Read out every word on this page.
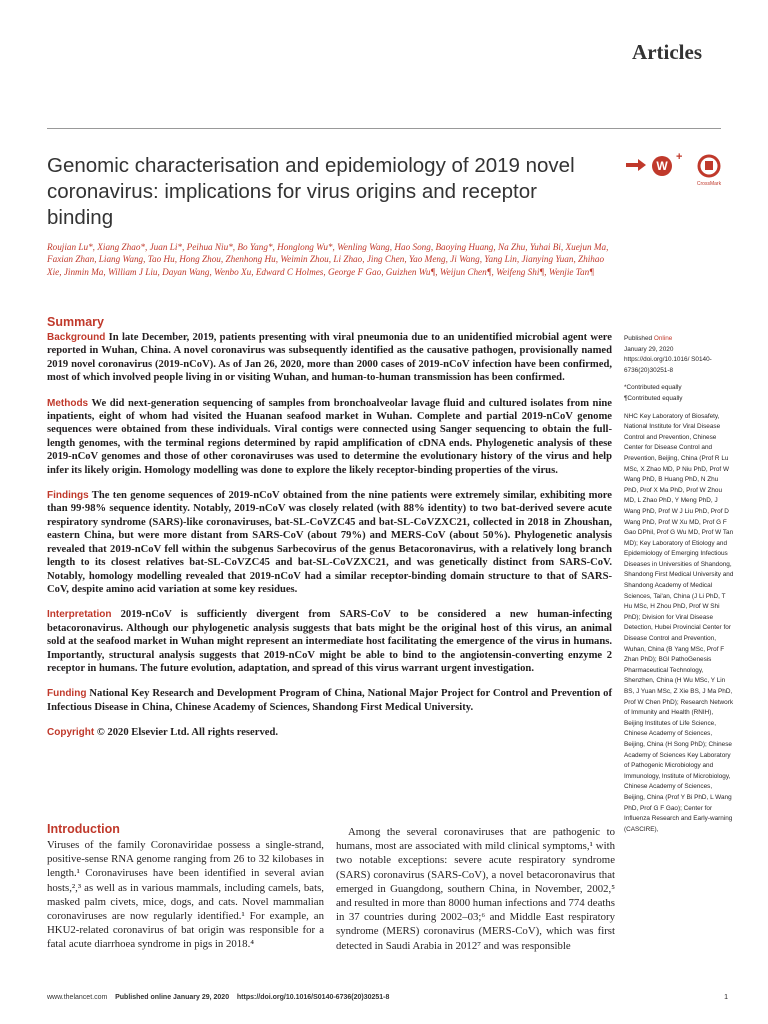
Articles
Genomic characterisation and epidemiology of 2019 novel coronavirus: implications for virus origins and receptor binding
W
+
CrossMark
Roujian Lu*, Xiang Zhao*, Juan Li*, Peihua Niu*, Bo Yang*, Honglong Wu*, Wenling Wang, Hao Song, Baoying Huang, Na Zhu, Yuhai Bi, Xuejun Ma, Faxian Zhan, Liang Wang, Tao Hu, Hong Zhou, Zhenhong Hu, Weimin Zhou, Li Zhao, Jing Chen, Yao Meng, Ji Wang, Yang Lin, Jianying Yuan, Zhihao Xie, Jinmin Ma, William J Liu, Dayan Wang, Wenbo Xu, Edward C Holmes, George F Gao, Guizhen Wu¶, Weijun Chen¶, Weifeng Shi¶, Wenjie Tan¶
Summary

Background In late December, 2019, patients presenting with viral pneumonia due to an unidentified microbial agent were reported in Wuhan, China. A novel coronavirus was subsequently identified as the causative pathogen, provisionally named 2019 novel coronavirus (2019-nCoV). As of Jan 26, 2020, more than 2000 cases of 2019-nCoV infection have been confirmed, most of which involved people living in or visiting Wuhan, and human-to-human transmission has been confirmed.

Methods We did next-generation sequencing of samples from bronchoalveolar lavage fluid and cultured isolates from nine inpatients, eight of whom had visited the Huanan seafood market in Wuhan. Complete and partial 2019-nCoV genome sequences were obtained from these individuals. Viral contigs were connected using Sanger sequencing to obtain the full-length genomes, with the terminal regions determined by rapid amplification of cDNA ends. Phylogenetic analysis of these 2019-nCoV genomes and those of other coronaviruses was used to determine the evolutionary history of the virus and help infer its likely origin. Homology modelling was done to explore the likely receptor-binding properties of the virus.

Findings The ten genome sequences of 2019-nCoV obtained from the nine patients were extremely similar, exhibiting more than 99·98% sequence identity. Notably, 2019-nCoV was closely related (with 88% identity) to two bat-derived severe acute respiratory syndrome (SARS)-like coronaviruses, bat-SL-CoVZC45 and bat-SL-CoVZXC21, collected in 2018 in Zhoushan, eastern China, but were more distant from SARS-CoV (about 79%) and MERS-CoV (about 50%). Phylogenetic analysis revealed that 2019-nCoV fell within the subgenus Sarbecovirus of the genus Betacoronavirus, with a relatively long branch length to its closest relatives bat-SL-CoVZC45 and bat-SL-CoVZXC21, and was genetically distinct from SARS-CoV. Notably, homology modelling revealed that 2019-nCoV had a similar receptor-binding domain structure to that of SARS-CoV, despite amino acid variation at some key residues.

Interpretation 2019-nCoV is sufficiently divergent from SARS-CoV to be considered a new human-infecting betacoronavirus. Although our phylogenetic analysis suggests that bats might be the original host of this virus, an animal sold at the seafood market in Wuhan might represent an intermediate host facilitating the emergence of the virus in humans. Importantly, structural analysis suggests that 2019-nCoV might be able to bind to the angiotensin-converting enzyme 2 receptor in humans. The future evolution, adaptation, and spread of this virus warrant urgent investigation.

Funding National Key Research and Development Program of China, National Major Project for Control and Prevention of Infectious Disease in China, Chinese Academy of Sciences, Shandong First Medical University.

Copyright © 2020 Elsevier Ltd. All rights reserved.

Published Online
January 29, 2020
https://doi.org/10.1016/ S0140-6736(20)30251-8

*Contributed equally
¶Contributed equally

NHC Key Laboratory of Biosafety, National Institute for Viral Disease Control and Prevention, Chinese Center for Disease Control and Prevention, Beijing, China (Prof R Lu MSc, X Zhao MD, P Niu PhD, Prof W Wang PhD, B Huang PhD, N Zhu PhD, Prof X Ma PhD, Prof W Zhou MD, L Zhao PhD, Y Meng PhD, J Wang PhD, Prof W J Liu PhD, Prof D Wang PhD, Prof W Xu MD, Prof G F Gao DPhil, Prof G Wu MD, Prof W Tan MD); Key Laboratory of Etiology and Epidemiology of Emerging Infectious Diseases in Universities of Shandong, Shandong First Medical University and Shandong Academy of Medical Sciences, Tai'an, China (J Li PhD, T Hu MSc, H Zhou PhD, Prof W Shi PhD); Division for Viral Disease Detection, Hubei Provincial Center for Disease Control and Prevention, Wuhan, China (B Yang MSc, Prof F Zhan PhD); BGI PathoGenesis Pharmaceutical Technology, Shenzhen, China (H Wu MSc, Y Lin BS, J Yuan MSc, Z Xie BS, J Ma PhD, Prof W Chen PhD); Research Network of Immunity and Health (RNIH), Beijing Institutes of Life Science, Chinese Academy of Sciences, Beijing, China (H Song PhD); Chinese Academy of Sciences Key Laboratory of Pathogenic Microbiology and Immunology, Institute of Microbiology, Chinese Academy of Sciences, Beijing, China (Prof Y Bi PhD, L Wang PhD, Prof G F Gao); Center for Influenza Research and Early-warning (CASCIRE),

Introduction
Viruses of the family Coronaviridae possess a single-strand, positive-sense RNA genome ranging from 26 to 32 kilobases in length.¹ Coronaviruses have been identified in several avian hosts,²,³ as well as in various mammals, including camels, bats, masked palm civets, mice, dogs, and cats. Novel mammalian coronaviruses are now regularly identified.¹ For example, an HKU2-related coronavirus of bat origin was responsible for a fatal acute diarrhoea syndrome in pigs in 2018.⁴
Among the several coronaviruses that are pathogenic to humans, most are associated with mild clinical symptoms,¹ with two notable exceptions: severe acute respiratory syndrome (SARS) coronavirus (SARS-CoV), a novel betacoronavirus that emerged in Guangdong, southern China, in November, 2002,⁵ and resulted in more than 8000 human infections and 774 deaths in 37 countries during 2002–03;⁶ and Middle East respiratory syndrome (MERS) coronavirus (MERS-CoV), which was first detected in Saudi Arabia in 2012⁷ and was responsible
www.thelancet.com Published online January 29, 2020 https://doi.org/10.1016/S0140-6736(20)30251-8	1
